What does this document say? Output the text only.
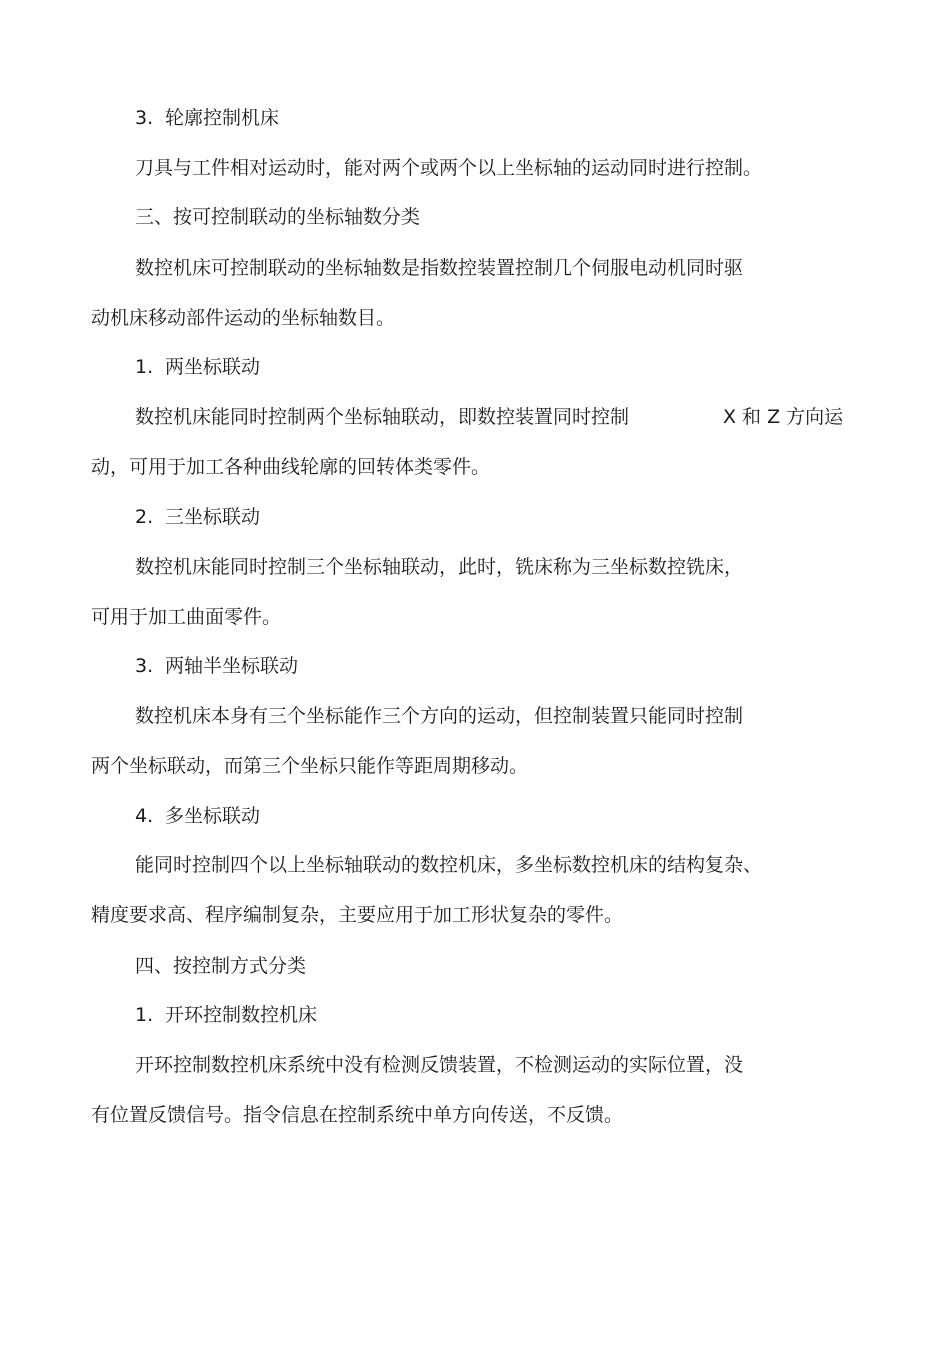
3. 轮廓控制机床

刀具与工件相对运动时，能对两个或两个以上坐标轴的运动同时进行控制。

三、按可控制联动的坐标轴数分类

数控机床可控制联动的坐标轴数是指数控装置控制几个伺服电动机同时驱

动机床移动部件运动的坐标轴数目。

1. 两坐标联动

数控机床能同时控制两个坐标轴联动，即数控装置同时控制	X 和 Z 方向运

动，可用于加工各种曲线轮廓的回转体类零件。

2. 三坐标联动

数控机床能同时控制三个坐标轴联动，此时，铣床称为三坐标数控铣床，

可用于加工曲面零件。

3. 两轴半坐标联动

数控机床本身有三个坐标能作三个方向的运动，但控制装置只能同时控制

两个坐标联动，而第三个坐标只能作等距周期移动。

4. 多坐标联动

能同时控制四个以上坐标轴联动的数控机床，多坐标数控机床的结构复杂、

精度要求高、程序编制复杂，主要应用于加工形状复杂的零件。

四、按控制方式分类

1. 开环控制数控机床

开环控制数控机床系统中没有检测反馈装置，不检测运动的实际位置，没

有位置反馈信号。指令信息在控制系统中单方向传送，不反馈。
